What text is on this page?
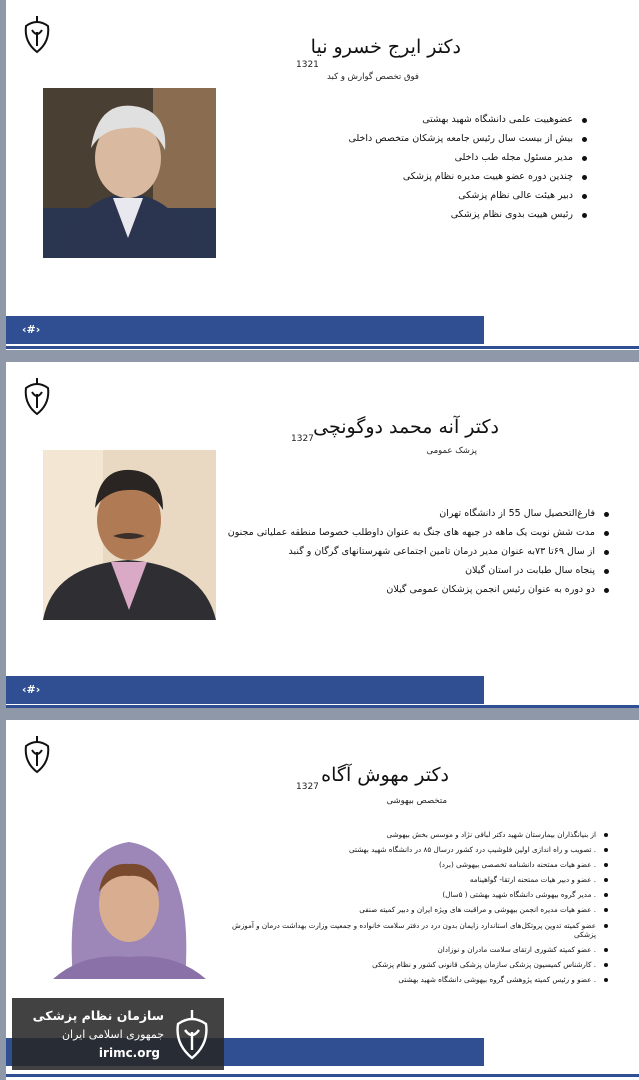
دکتر ایرج خسرو نیا
1321
فوق تخصص گوارش و کبد
عضوهییت علمی دانشگاه شهید بهشتی
بیش از بیست سال رئیس جامعه پزشکان متخصص داخلی
مدیر مسئول مجله طب داخلی
چندین دوره عضو هییت مدیره نظام پزشکی
دبیر هیئت عالی نظام پزشکی
رئیس هییت بدوی نظام پزشکی
‹#›
دکتر آنه محمد دوگونچی
1327
پزشک عمومی
فارغ‌التحصیل سال 55 از دانشگاه تهران
مدت شش نوبت یک ماهه در جبهه های جنگ به عنوان داوطلب خصوصا منطقه عملیاتی مجنون
از سال ۶۹تا ۷۳به عنوان مدیر درمان تامین اجتماعی شهرستانهای گرگان و گنبد
پنجاه سال طبابت در استان گیلان
دو دوره به عنوان رئیس انجمن پزشکان عمومی گیلان
‹#›
دکتر مهوش آگاه
1327
متخصص بیهوشی
از بنیانگذاران بیمارستان شهید دکتر لبافی نژاد و موسس بخش بیهوشی
. تصویب و راه اندازی اولین فلوشیپ درد کشور درسال ۸۵ در دانشگاه شهید بهشتی
. عضو هیات ممتحنه دانشنامه تخصصی بیهوشی (برد)
. عضو و دبیر هیات ممتحنه ارتقا- گواهینامه
. مدیر گروه بیهوشی دانشگاه شهید بهشتی ( ۵سال)
. عضو هیات مدیره انجمن بیهوشی و مراقبت های ویژه ایران و دبیر کمیته صنفی
عضو کمیته تدوین پروتکل‌های استاندارد زایمان بدون درد در دفتر سلامت خانواده و جمعیت وزارت بهداشت درمان و آموزش پزشکی
. عضو کمیته کشوری ارتقای سلامت مادران و نوزادان
. کارشناس کمیسیون پزشکی سازمان پزشکی قانونی کشور و نظام پزشکی
. عضو و رئیس کمیته پژوهشی گروه بیهوشی دانشگاه شهید بهشتی
سازمان نظام پزشکی
جمهوری اسلامی ایران
irimc.org
